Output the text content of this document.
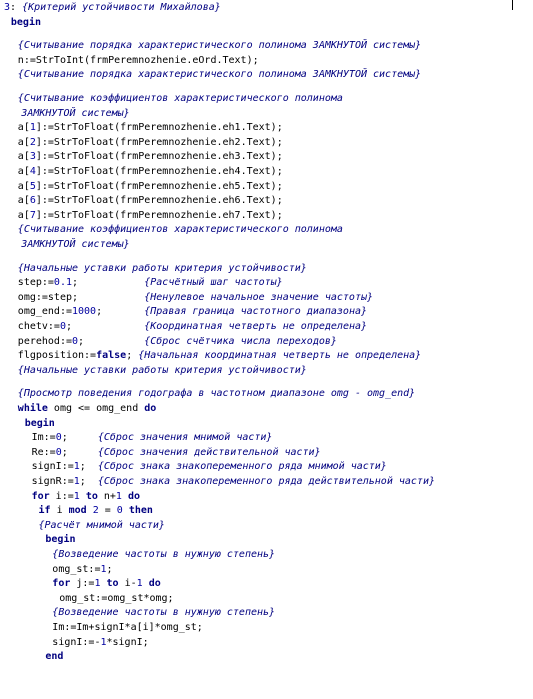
3: {Критерий устойчивости Михайлова}
begin
{Считывание порядка характеристического полинома ЗАМКНУТОЙ системы}
n:=StrToInt(frmPeremnozhenie.eOrd.Text);
{Считывание порядка характеристического полинома ЗАМКНУТОЙ системы}
{Считывание коэффициентов характеристического полинома
ЗАМКНУТОЙ системы}
a[1]:=StrToFloat(frmPeremnozhenie.eh1.Text);
a[2]:=StrToFloat(frmPeremnozhenie.eh2.Text);
a[3]:=StrToFloat(frmPeremnozhenie.eh3.Text);
a[4]:=StrToFloat(frmPeremnozhenie.eh4.Text);
a[5]:=StrToFloat(frmPeremnozhenie.eh5.Text);
a[6]:=StrToFloat(frmPeremnozhenie.eh6.Text);
a[7]:=StrToFloat(frmPeremnozhenie.eh7.Text);
{Считывание коэффициентов характеристического полинома
ЗАМКНУТОЙ системы}
{Начальные уставки работы критерия устойчивости}
step:=0.1;           {Расчётный шаг частоты}
omg:=step;           {Ненулевое начальное значение частоты}
omg_end:=1000;       {Правая граница частотного диапазона}
chetv:=0;            {Координатная четверть не определена}
perehod:=0;          {Сброс счётчика числа переходов}
flgposition:=false; {Начальная координатная четверть не определена}
{Начальные уставки работы критерия устойчивости}
{Просмотр поведения годографа в частотном диапазоне omg - omg_end}
while omg <= omg_end do
begin
Im:=0;     {Сброс значения мнимой части}
Re:=0;     {Сброс значения действительной части}
signI:=1;  {Сброс знака знакопеременного ряда мнимой части}
signR:=1;  {Сброс знака знакопеременного ряда действительной части}
for i:=1 to n+1 do
if i mod 2 = 0 then
{Расчёт мнимой части}
begin
{Возведение частоты в нужную степень}
omg_st:=1;
for j:=1 to i-1 do
omg_st:=omg_st*omg;
{Возведение частоты в нужную степень}
Im:=Im+signI*a[i]*omg_st;
signI:=-1*signI;
end
